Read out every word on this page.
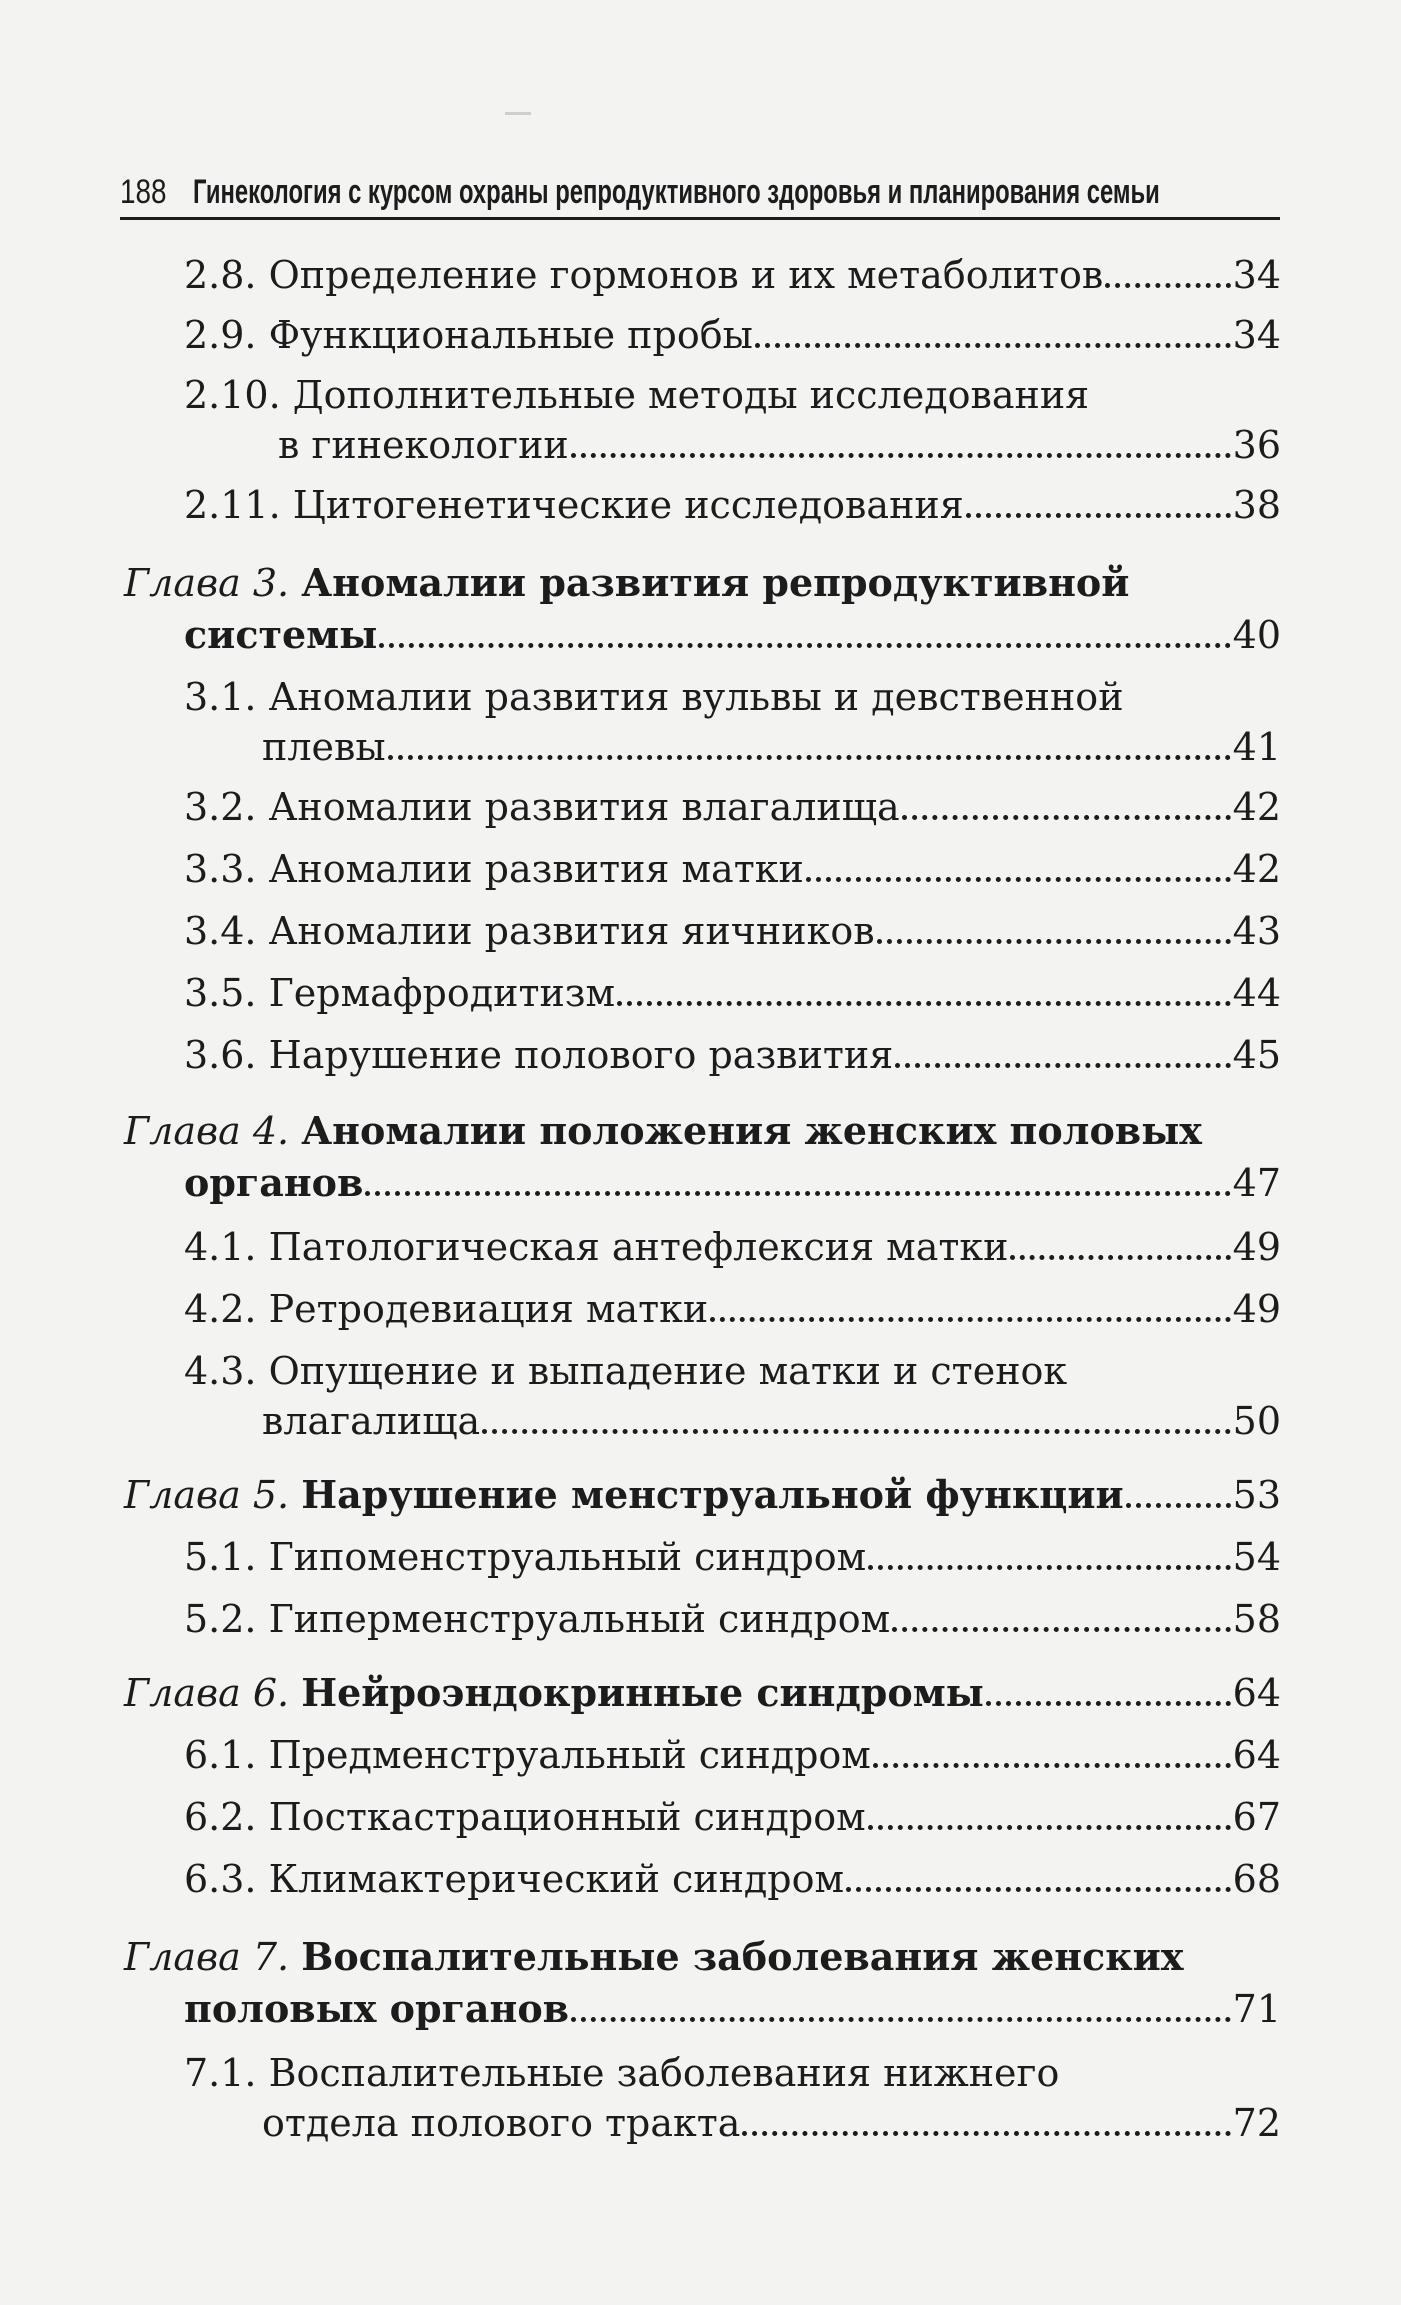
188 Гинекология с курсом охраны репродуктивного здоровья и планирования семьи
2.8. Определение гормонов и их метаболитов	34
2.9. Функциональные пробы	34
2.10. Дополнительные методы исследования
в гинекологии	36
2.11. Цитогенетические исследования	38
Глава 3.
Аномалии развития репродуктивной
системы	40
3.1. Аномалии развития вульвы и девственной
плевы	41
3.2. Аномалии развития влагалища	42
3.3. Аномалии развития матки	42
3.4. Аномалии развития яичников	43
3.5. Гермафродитизм	44
3.6. Нарушение полового развития	45
Глава 4.
Аномалии положения женских половых
органов	47
4.1. Патологическая антефлексия матки	49
4.2. Ретродевиация матки	49
4.3. Опущение и выпадение матки и стенок
влагалища	50
Глава 5.
Нарушение менструальной функции	53
5.1. Гипоменструальный синдром	54
5.2. Гиперменструальный синдром	58
Глава 6.
Нейроэндокринные синдромы	64
6.1. Предменструальный синдром	64
6.2. Посткастрационный синдром	67
6.3. Климактерический синдром	68
Глава 7.
Воспалительные заболевания женских
половых органов	71
7.1. Воспалительные заболевания нижнего
отдела полового тракта	72
